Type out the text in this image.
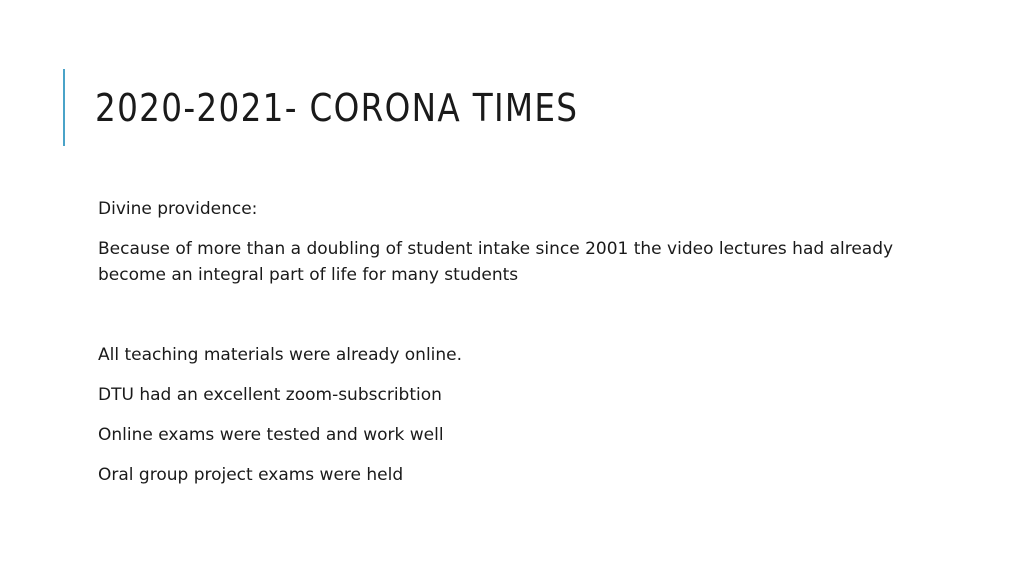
2020-2021- CORONA TIMES

Divine providence:

Because of more than a doubling of student intake since 2001 the video lectures had already become an integral part of life for many students

All teaching materials were already online.

DTU had an excellent zoom-subscribtion

Online exams were tested and work well

Oral group project exams were held
